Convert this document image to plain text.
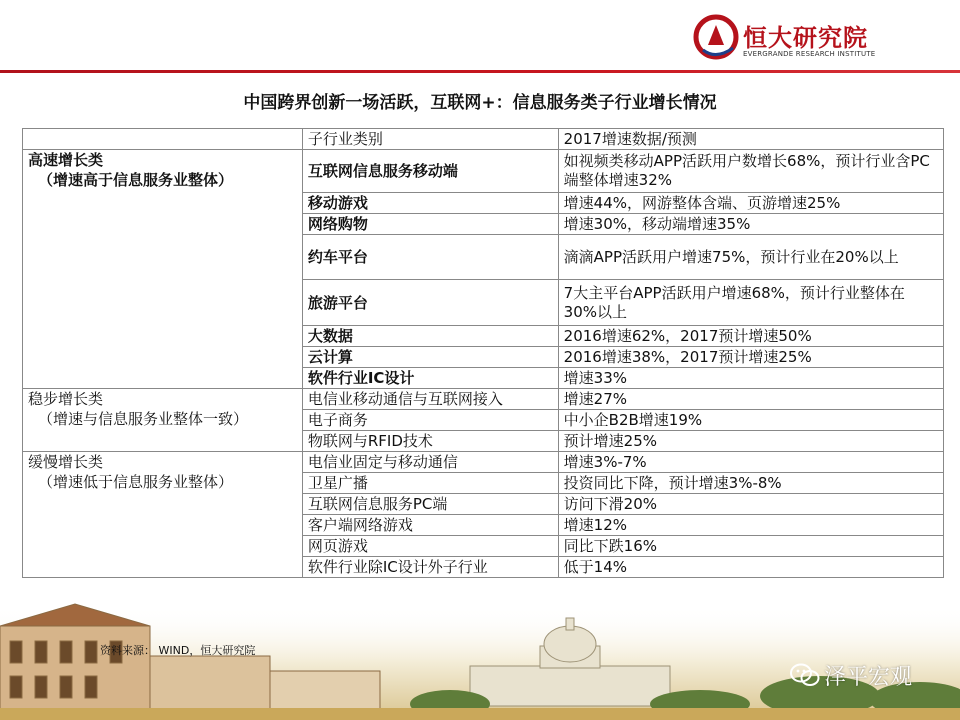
恒大研究院
EVERGRANDE RESEARCH INSTITUTE
中国跨界创新一场活跃，互联网+：信息服务类子行业增长情况
	子行业类别	2017增速数据/预测

高速增长类
（增速高于信息服务业整体）	互联网信息服务移动端	如视频类移动APP活跃用户数增长68%，预计行业含PC端整体增速32%
	移动游戏	增速44%，网游整体含端、页游增速25%
	网络购物	增速30%，移动端增速35%
	约车平台	滴滴APP活跃用户增速75%，预计行业在20%以上
	旅游平台	7大主平台APP活跃用户增速68%，预计行业整体在30%以上
	大数据	2016增速62%，2017预计增速50%
	云计算	2016增速38%，2017预计增速25%
	软件行业IC设计	增速33%

稳步增长类
（增速与信息服务业整体一致）	电信业移动通信与互联网接入	增速27%
	电子商务	中小企B2B增速19%
	物联网与RFID技术	预计增速25%

缓慢增长类
（增速低于信息服务业整体）	电信业固定与移动通信	增速3%-7%
	卫星广播	投资同比下降，预计增速3%-8%
	互联网信息服务PC端	访问下滑20%
	客户端网络游戏	增速12%
	网页游戏	同比下跌16%
	软件行业除IC设计外子行业	低于14%
资料来源： WIND，恒大研究院
泽平宏观
